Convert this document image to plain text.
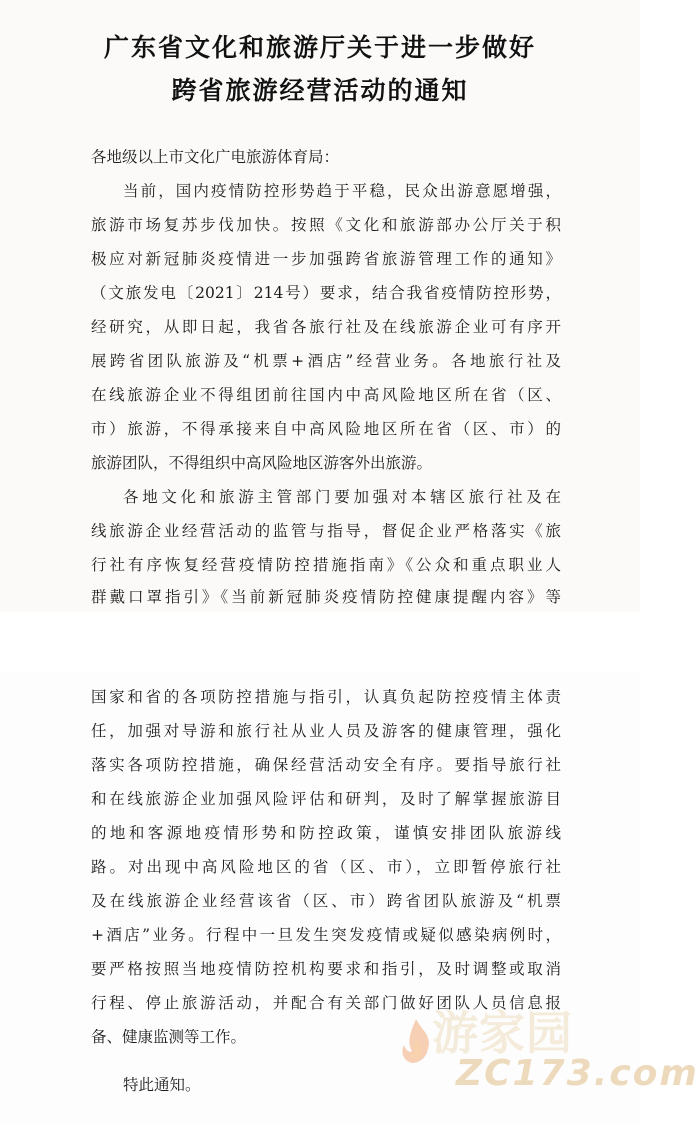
广东省文化和旅游厅关于进一步做好
跨省旅游经营活动的通知

各地级以上市文化广电旅游体育局：

当前，国内疫情防控形势趋于平稳，民众出游意愿增强，

旅游市场复苏步伐加快。按照《文化和旅游部办公厅关于积

极应对新冠肺炎疫情进一步加强跨省旅游管理工作的通知》

（文旅发电〔2021〕214号）要求，结合我省疫情防控形势，

经研究，从即日起，我省各旅行社及在线旅游企业可有序开

展跨省团队旅游及“机票+酒店”经营业务。各地旅行社及

在线旅游企业不得组团前往国内中高风险地区所在省（区、

市）旅游，不得承接来自中高风险地区所在省（区、市）的

旅游团队，不得组织中高风险地区游客外出旅游。

各地文化和旅游主管部门要加强对本辖区旅行社及在

线旅游企业经营活动的监管与指导，督促企业严格落实《旅

行社有序恢复经营疫情防控措施指南》《公众和重点职业人

群戴口罩指引》《当前新冠肺炎疫情防控健康提醒内容》等

国家和省的各项防控措施与指引，认真负起防控疫情主体责

任，加强对导游和旅行社从业人员及游客的健康管理，强化

落实各项防控措施，确保经营活动安全有序。要指导旅行社

和在线旅游企业加强风险评估和研判，及时了解掌握旅游目

的地和客源地疫情形势和防控政策，谨慎安排团队旅游线

路。对出现中高风险地区的省（区、市），立即暂停旅行社

及在线旅游企业经营该省（区、市）跨省团队旅游及“机票

+酒店”业务。行程中一旦发生突发疫情或疑似感染病例时，

要严格按照当地疫情防控机构要求和指引，及时调整或取消

行程、停止旅游活动，并配合有关部门做好团队人员信息报

备、健康监测等工作。

特此通知。

游家园
ZC173.com
